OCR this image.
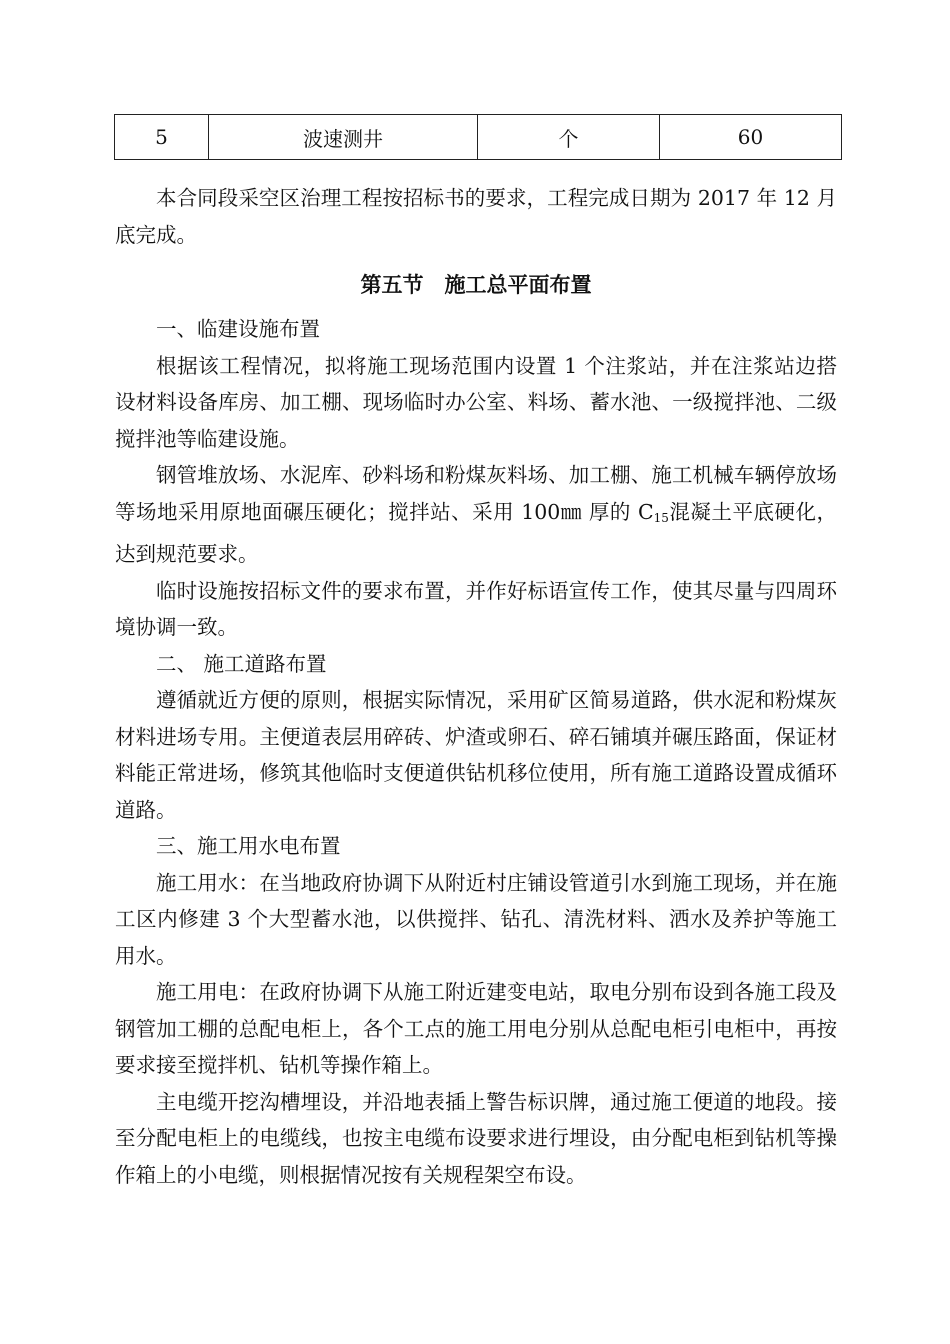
5	波速测井	个	60

本合同段采空区治理工程按招标书的要求，工程完成日期为 2017 年 12 月底完成。

第五节　施工总平面布置

一、临建设施布置

根据该工程情况，拟将施工现场范围内设置 1 个注浆站，并在注浆站边搭设材料设备库房、加工棚、现场临时办公室、料场、蓄水池、一级搅拌池、二级搅拌池等临建设施。

钢管堆放场、水泥库、砂料场和粉煤灰料场、加工棚、施工机械车辆停放场等场地采用原地面碾压硬化；搅拌站、采用 100㎜ 厚的 $C_{15}$混凝土平底硬化，达到规范要求。

临时设施按招标文件的要求布置，并作好标语宣传工作，使其尽量与四周环境协调一致。

二、 施工道路布置

遵循就近方便的原则，根据实际情况，采用矿区简易道路，供水泥和粉煤灰材料进场专用。主便道表层用碎砖、炉渣或卵石、碎石铺填并碾压路面，保证材料能正常进场，修筑其他临时支便道供钻机移位使用，所有施工道路设置成循环道路。

三、施工用水电布置

施工用水：在当地政府协调下从附近村庄铺设管道引水到施工现场，并在施工区内修建 3 个大型蓄水池，以供搅拌、钻孔、清洗材料、洒水及养护等施工用水。

施工用电：在政府协调下从施工附近建变电站，取电分别布设到各施工段及钢管加工棚的总配电柜上，各个工点的施工用电分别从总配电柜引电柜中，再按要求接至搅拌机、钻机等操作箱上。

主电缆开挖沟槽埋设，并沿地表插上警告标识牌，通过施工便道的地段。接至分配电柜上的电缆线，也按主电缆布设要求进行埋设，由分配电柜到钻机等操作箱上的小电缆，则根据情况按有关规程架空布设。
